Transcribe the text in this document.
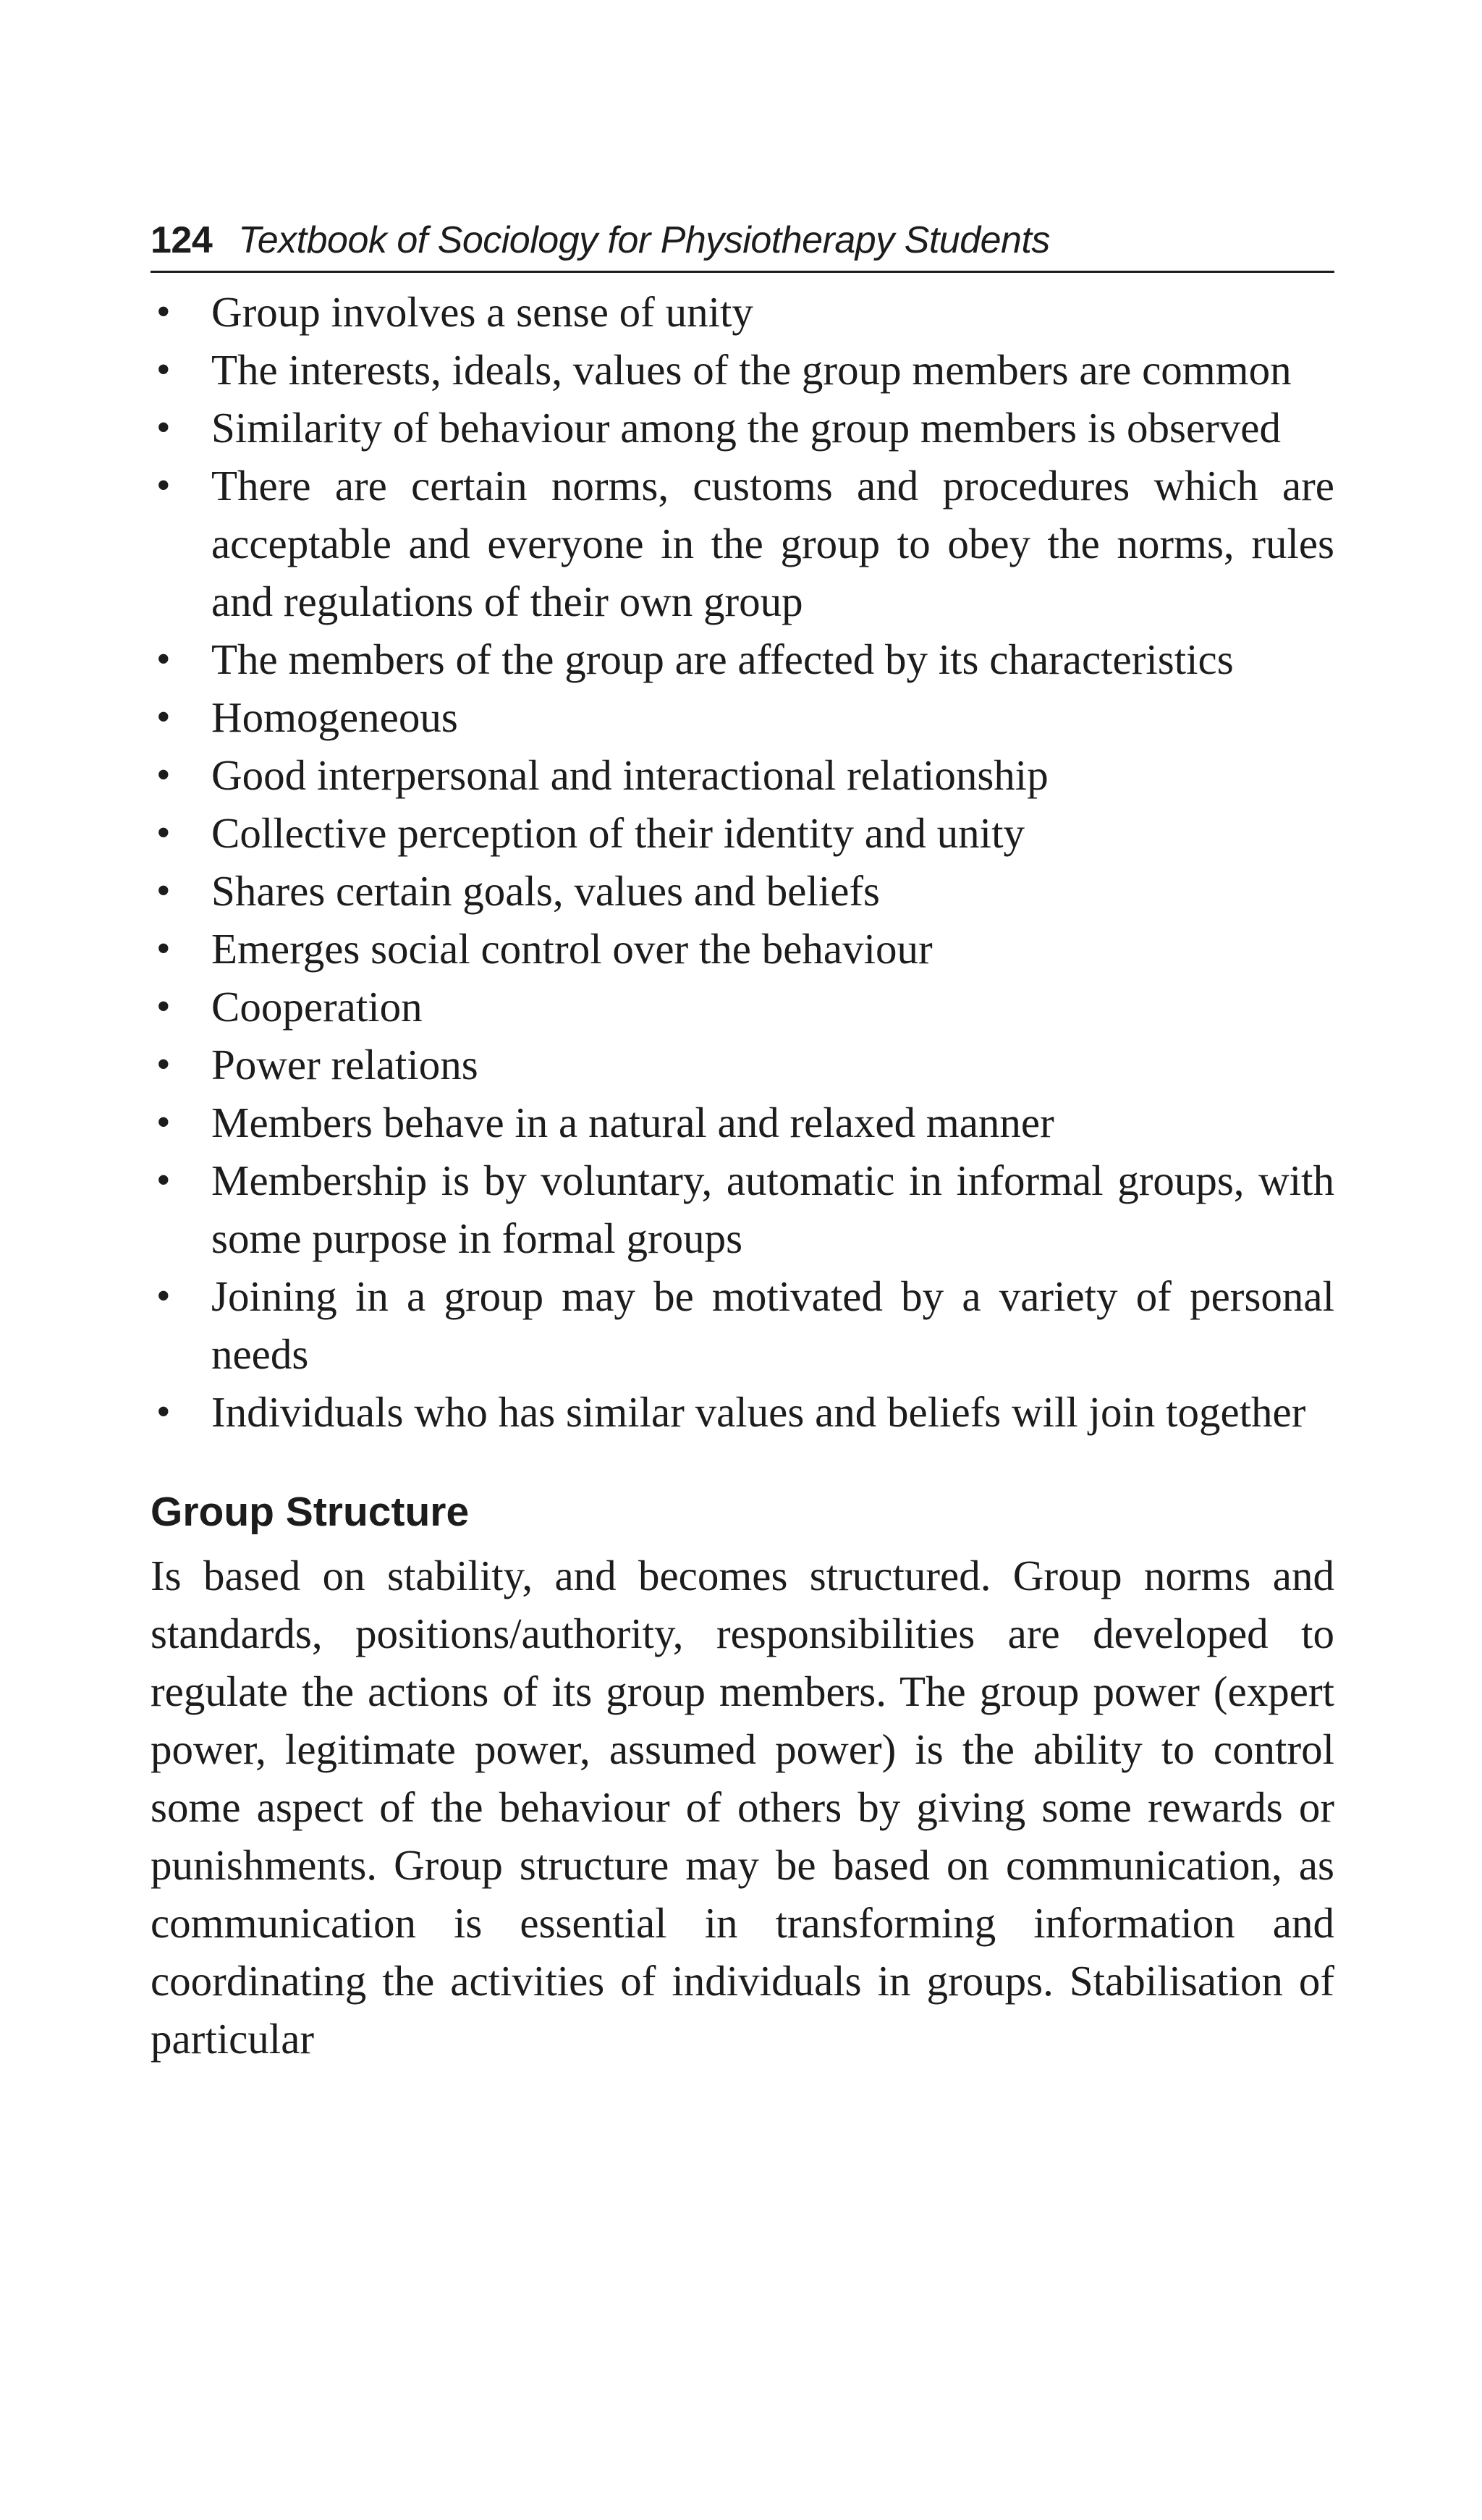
124 Textbook of Sociology for Physiotherapy Students
• Group involves a sense of unity
• The interests, ideals, values of the group members are common
• Similarity of behaviour among the group members is observed
• There are certain norms, customs and procedures which are acceptable and everyone in the group to obey the norms, rules and regulations of their own group
• The members of the group are affected by its characteristics
• Homogeneous
• Good interpersonal and interactional relationship
• Collective perception of their identity and unity
• Shares certain goals, values and beliefs
• Emerges social control over the behaviour
• Cooperation
• Power relations
• Members behave in a natural and relaxed manner
• Membership is by voluntary, automatic in informal groups, with some purpose in formal groups
• Joining in a group may be motivated by a variety of personal needs
• Individuals who has similar values and beliefs will join together
Group Structure

Is based on stability, and becomes structured. Group norms and standards, positions/authority, responsibilities are developed to regulate the actions of its group members. The group power (expert power, legitimate power, assumed power) is the ability to control some aspect of the behaviour of others by giving some rewards or punishments. Group structure may be based on communication, as communication is essential in transforming information and coordinating the activities of individuals in groups. Stabilisation of particular
